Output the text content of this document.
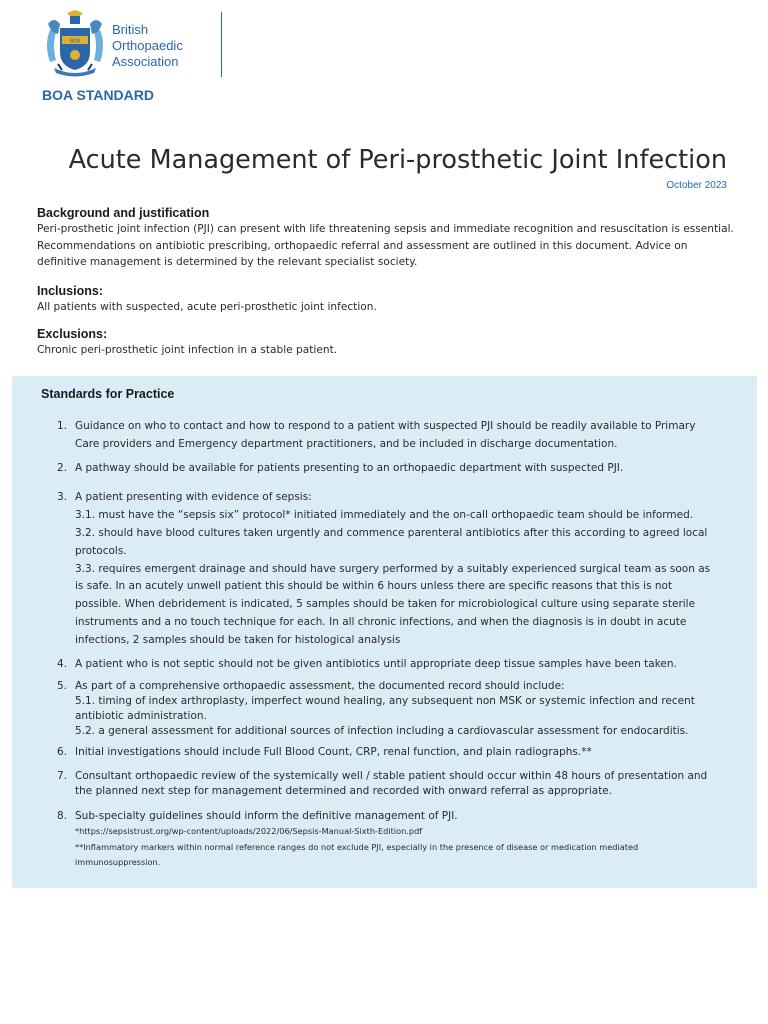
BOA
British
Orthopaedic
Association
BOA STANDARD
Acute Management of Peri-prosthetic Joint Infection
October 2023
Background and justification

Peri-prosthetic joint infection (PJI) can present with life threatening sepsis and immediate recognition and resuscitation is essential. Recommendations on antibiotic prescribing, orthopaedic referral and assessment are outlined in this document. Advice on definitive management is determined by the relevant specialist society.

Inclusions:

All patients with suspected, acute peri-prosthetic joint infection.

Exclusions:

Chronic peri-prosthetic joint infection in a stable patient.

Standards for Practice
1. Guidance on who to contact and how to respond to a patient with suspected PJI should be readily available to Primary Care providers and Emergency department practitioners, and be included in discharge documentation.
2. A pathway should be available for patients presenting to an orthopaedic department with suspected PJI.
3. A patient presenting with evidence of sepsis:
3.1. must have the “sepsis six” protocol* initiated immediately and the on-call orthopaedic team should be informed.
3.2. should have blood cultures taken urgently and commence parenteral antibiotics after this according to agreed local protocols.
3.3. requires emergent drainage and should have surgery performed by a suitably experienced surgical team as soon as is safe. In an acutely unwell patient this should be within 6 hours unless there are specific reasons that this is not possible. When debridement is indicated, 5 samples should be taken for microbiological culture using separate sterile instruments and a no touch technique for each. In all chronic infections, and when the diagnosis is in doubt in acute infections, 2 samples should be taken for histological analysis
4. A patient who is not septic should not be given antibiotics until appropriate deep tissue samples have been taken.
5. As part of a comprehensive orthopaedic assessment, the documented record should include:
5.1. timing of index arthroplasty, imperfect wound healing, any subsequent non MSK or systemic infection and recent antibiotic administration.
5.2. a general assessment for additional sources of infection including a cardiovascular assessment for endocarditis.
6. Initial investigations should include Full Blood Count, CRP, renal function, and plain radiographs.**
7. Consultant orthopaedic review of the systemically well / stable patient should occur within 48 hours of presentation and the planned next step for management determined and recorded with onward referral as appropriate.
8. Sub-specialty guidelines should inform the definitive management of PJI.
*https://sepsistrust.org/wp-content/uploads/2022/06/Sepsis-Manual-Sixth-Edition.pdf
**Inflammatory markers within normal reference ranges do not exclude PJI, especially in the presence of disease or medication mediated immunosuppression.
